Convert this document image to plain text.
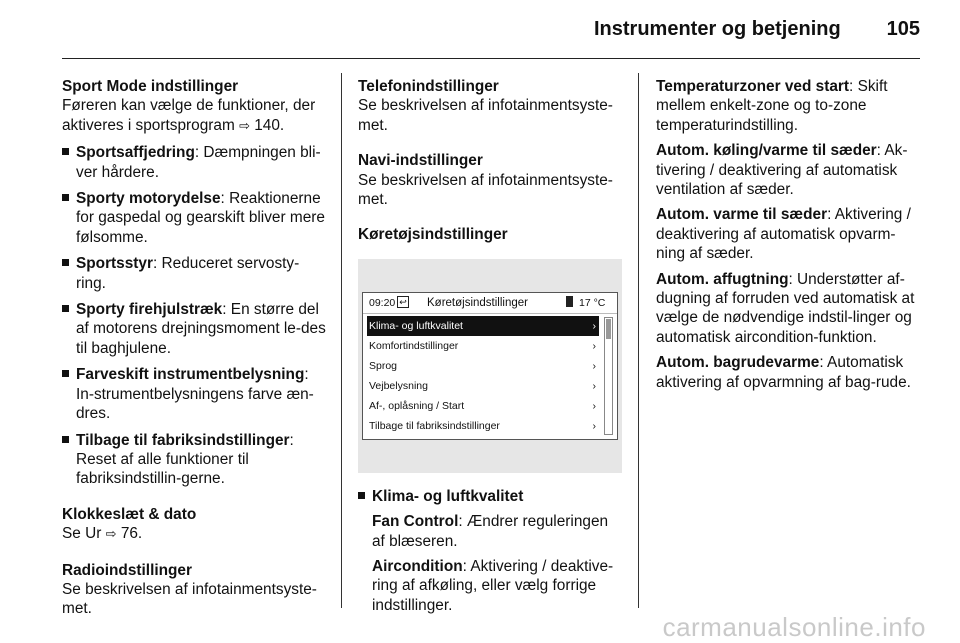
Instrumenter og betjening 105
Sport Mode indstillinger
Føreren kan vælge de funktioner, der aktiveres i sportsprogram ⇨ 140.
Sportsaffjedring: Dæmpningen bli-ver hårdere.
Sporty motorydelse: Reaktionerne for gaspedal og gearskift bliver mere følsomme.
Sportsstyr: Reduceret servosty-ring.
Sporty firehjulstræk: En større del af motorens drejningsmoment le-des til baghjulene.
Farveskift instrumentbelysning: In-strumentbelysningens farve æn-dres.
Tilbage til fabriksindstillinger: Reset af alle funktioner til fabriksindstillin-gerne.
Klokkeslæt & dato
Se Ur ⇨ 76.
Radioindstillinger
Se beskrivelsen af infotainmentsyste-met.
Telefonindstillinger
Se beskrivelsen af infotainmentsyste-met.
Navi-indstillinger
Se beskrivelsen af infotainmentsyste-met.
Køretøjsindstillinger
09:20 ↩ Køretøjsindstillinger	17 °C
Klima- og luftkvalitet	›
Komfortindstillinger	›
Sprog	›
Vejbelysning	›
Af-, oplåsning / Start	›
Tilbage til fabriksindstillinger	›
Klima- og luftkvalitet
Fan Control: Ændrer reguleringen af blæseren.
Aircondition: Aktivering / deaktive-ring af afkøling, eller vælg forrige indstillinger.
Temperaturzoner ved start: Skift mellem enkelt-zone og to-zone temperaturindstilling.
Autom. køling/varme til sæder: Ak-tivering / deaktivering af automatisk ventilation af sæder.
Autom. varme til sæder: Aktivering / deaktivering af automatisk opvarm-ning af sæder.
Autom. affugtning: Understøtter af-dugning af forruden ved automatisk at vælge de nødvendige indstil-linger og automatisk aircondition-funktion.
Autom. bagrudevarme: Automatisk aktivering af opvarmning af bag-rude.
carmanualsonline.info
